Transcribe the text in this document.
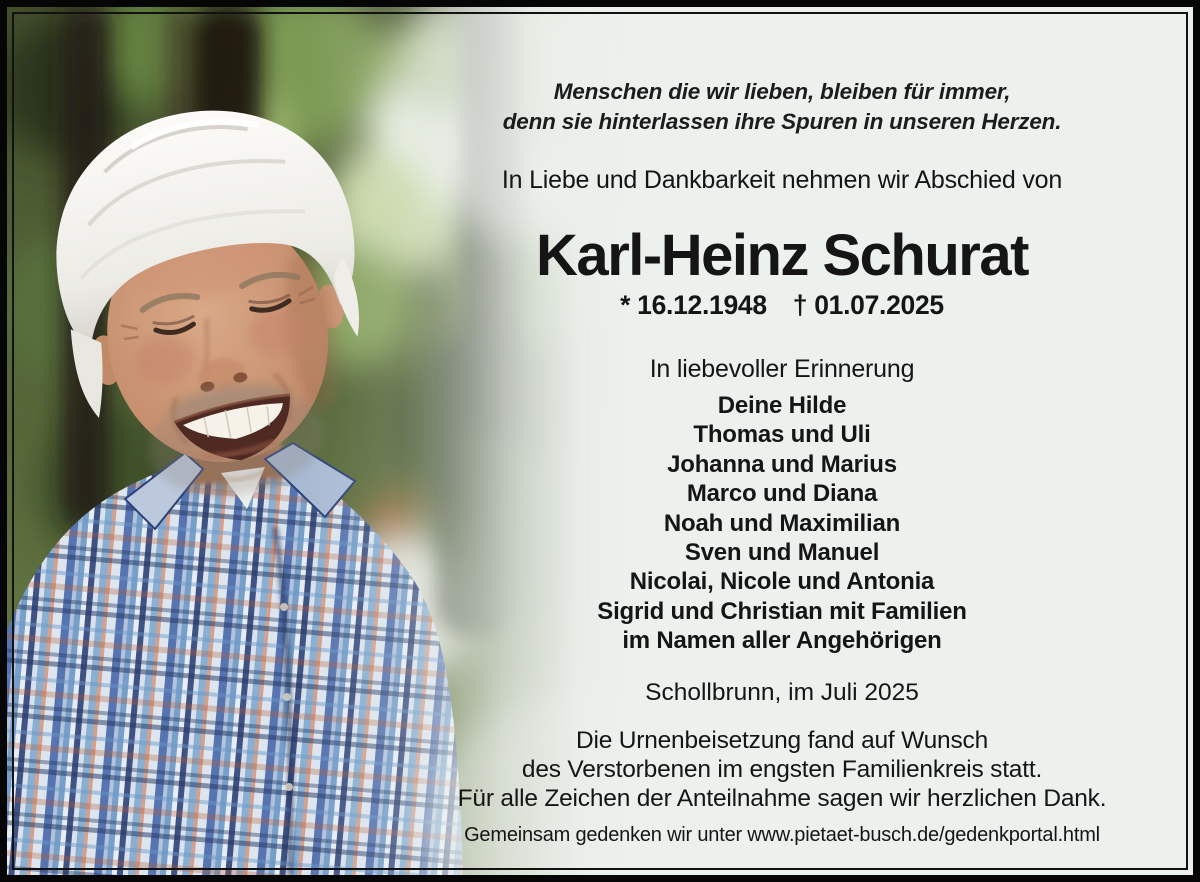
Menschen die wir lieben, bleiben für immer,
denn sie hinterlassen ihre Spuren in unseren Herzen.
In Liebe und Dankbarkeit nehmen wir Abschied von
Karl-Heinz Schurat
* 16.12.1948 † 01.07.2025
In liebevoller Erinnerung
Deine Hilde
Thomas und Uli
Johanna und Marius
Marco und Diana
Noah und Maximilian
Sven und Manuel
Nicolai, Nicole und Antonia
Sigrid und Christian mit Familien
im Namen aller Angehörigen
Schollbrunn, im Juli 2025
Die Urnenbeisetzung fand auf Wunsch
des Verstorbenen im engsten Familienkreis statt.
Für alle Zeichen der Anteilnahme sagen wir herzlichen Dank.
Gemeinsam gedenken wir unter www.pietaet-busch.de/gedenkportal.html
